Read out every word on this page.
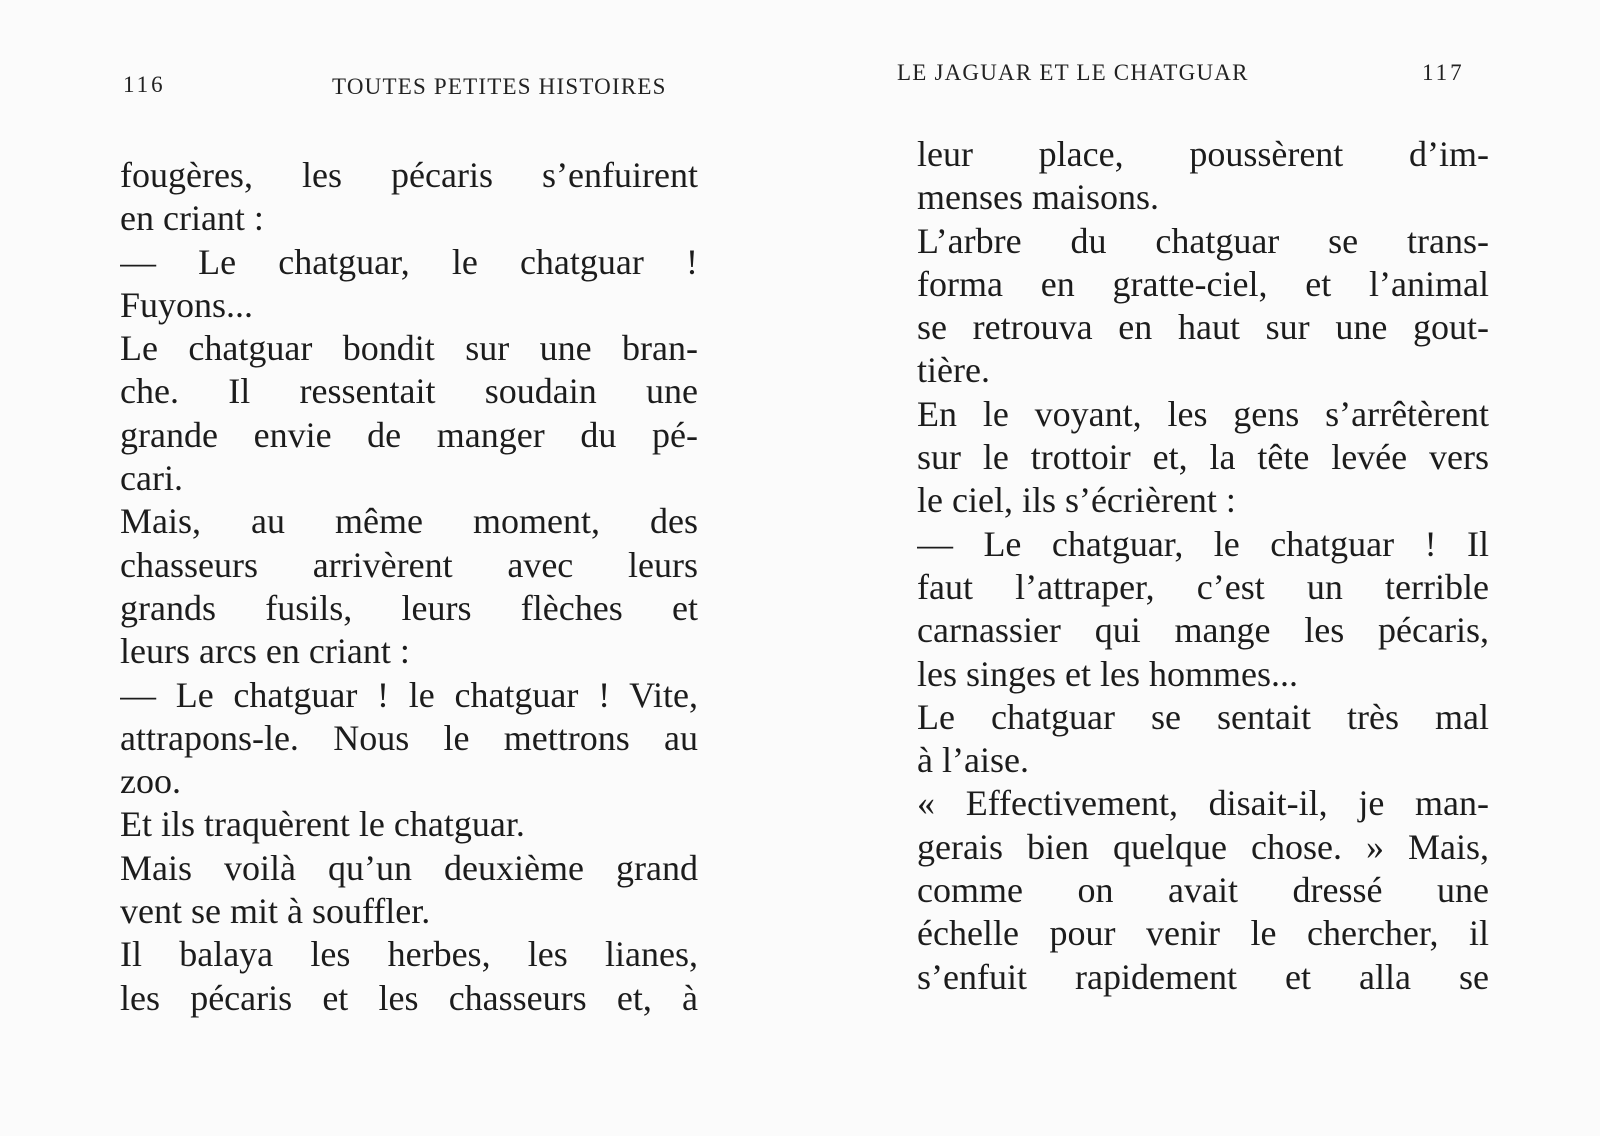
116	TOUTES PETITES HISTOIRES
fougères, les pécaris s’enfuirent
en criant :
— Le chatguar, le chatguar !
Fuyons...
Le chatguar bondit sur une bran-
che. Il ressentait soudain une
grande envie de manger du pé-
cari.
Mais, au même moment, des
chasseurs arrivèrent avec leurs
grands fusils, leurs flèches et
leurs arcs en criant :
— Le chatguar ! le chatguar ! Vite,
attrapons-le. Nous le mettrons au
zoo.
Et ils traquèrent le chatguar.
Mais voilà qu’un deuxième grand
vent se mit à souffler.
Il balaya les herbes, les lianes,
les pécaris et les chasseurs et, à
LE JAGUAR ET LE CHATGUAR	117
leur place, poussèrent d’im-
menses maisons.
L’arbre du chatguar se trans-
forma en gratte-ciel, et l’animal
se retrouva en haut sur une gout-
tière.
En le voyant, les gens s’arrêtèrent
sur le trottoir et, la tête levée vers
le ciel, ils s’écrièrent :
— Le chatguar, le chatguar ! Il
faut l’attraper, c’est un terrible
carnassier qui mange les pécaris,
les singes et les hommes...
Le chatguar se sentait très mal
à l’aise.
« Effectivement, disait-il, je man-
gerais bien quelque chose. » Mais,
comme on avait dressé une
échelle pour venir le chercher, il
s’enfuit rapidement et alla se
